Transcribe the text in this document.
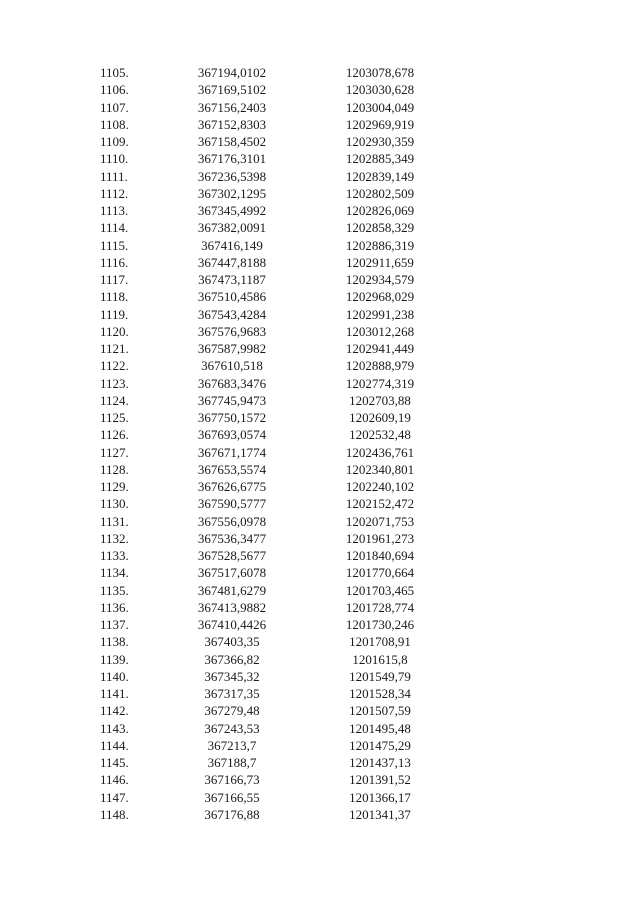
1105.	367194,0102	1203078,678
1106.	367169,5102	1203030,628
1107.	367156,2403	1203004,049
1108.	367152,8303	1202969,919
1109.	367158,4502	1202930,359
1110.	367176,3101	1202885,349
1111.	367236,5398	1202839,149
1112.	367302,1295	1202802,509
1113.	367345,4992	1202826,069
1114.	367382,0091	1202858,329
1115.	367416,149	1202886,319
1116.	367447,8188	1202911,659
1117.	367473,1187	1202934,579
1118.	367510,4586	1202968,029
1119.	367543,4284	1202991,238
1120.	367576,9683	1203012,268
1121.	367587,9982	1202941,449
1122.	367610,518	1202888,979
1123.	367683,3476	1202774,319
1124.	367745,9473	1202703,88
1125.	367750,1572	1202609,19
1126.	367693,0574	1202532,48
1127.	367671,1774	1202436,761
1128.	367653,5574	1202340,801
1129.	367626,6775	1202240,102
1130.	367590,5777	1202152,472
1131.	367556,0978	1202071,753
1132.	367536,3477	1201961,273
1133.	367528,5677	1201840,694
1134.	367517,6078	1201770,664
1135.	367481,6279	1201703,465
1136.	367413,9882	1201728,774
1137.	367410,4426	1201730,246
1138.	367403,35	1201708,91
1139.	367366,82	1201615,8
1140.	367345,32	1201549,79
1141.	367317,35	1201528,34
1142.	367279,48	1201507,59
1143.	367243,53	1201495,48
1144.	367213,7	1201475,29
1145.	367188,7	1201437,13
1146.	367166,73	1201391,52
1147.	367166,55	1201366,17
1148.	367176,88	1201341,37
